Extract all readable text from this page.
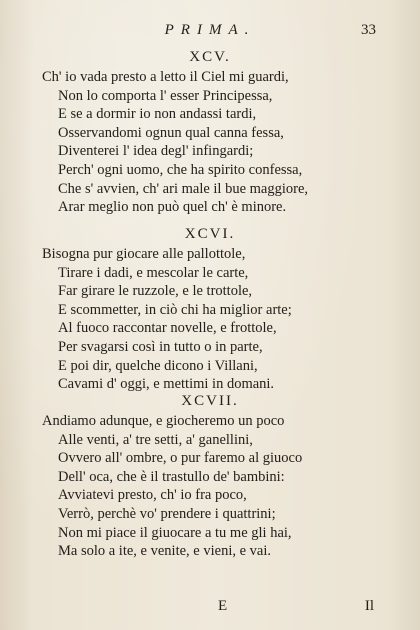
PRIMA.	33
XCV.
Ch' io vada presto a letto il Ciel mi guardi,
Non lo comporta l' esser Principessa,
E se a dormir io non andassi tardi,
Osservandomi ognun qual canna fessa,
Diventerei l' idea degl' infingardi;
Perch' ogni uomo, che ha spirito confessa,
Che s' avvien, ch' ari male il bue maggiore,
Arar meglio non può quel ch' è minore.
XCVI.
Bisogna pur giocare alle pallottole,
Tirare i dadi, e mescolar le carte,
Far girare le ruzzole, e le trottole,
E scommetter, in ciò chi ha miglior arte;
Al fuoco raccontar novelle, e frottole,
Per svagarsi così in tutto o in parte,
E poi dir, quelche dicono i Villani,
Cavami d' oggi, e mettimi in domani.
XCVII.
Andiamo adunque, e giocheremo un poco
Alle venti, a' tre setti, a' ganellini,
Ovvero all' ombre, o pur faremo al giuoco
Dell' oca, che è il trastullo de' bambini:
Avviatevi presto, ch' io fra poco,
Verrò, perchè vo' prendere i quattrini;
Non mi piace il giuocare a tu me gli hai,
Ma solo a ite, e venite, e vieni, e vai.
E	Il
